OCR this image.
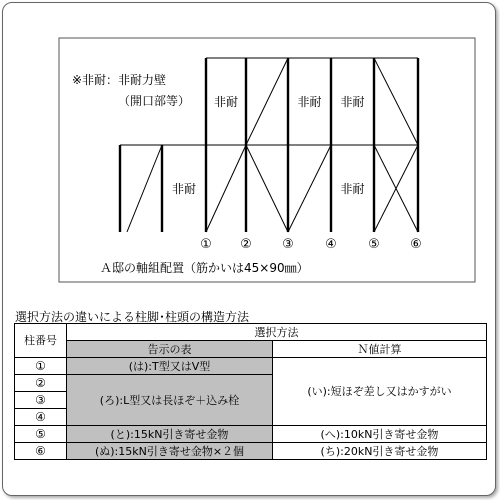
※非耐：非耐力壁
（開口部等） 非耐	非耐 非耐
非耐	非耐
① ② ③ ④ ⑤ ⑥
Ａ邸の軸組配置（筋かいは45×90㎜）
選択方法の違いによる柱脚･柱頭の構造方法
柱番号	選択方法	
	告示の表	Ｎ値計算
①	(は):T型又はV型	(い):短ほぞ差し又はかすがい
②	(ろ):L型又は長ほぞ＋込み栓	
③		
④		
⑤	(と):15kN引き寄せ金物	(へ):10kN引き寄せ金物
⑥	(ぬ):15kN引き寄せ金物×２個	(ち):20kN引き寄せ金物
